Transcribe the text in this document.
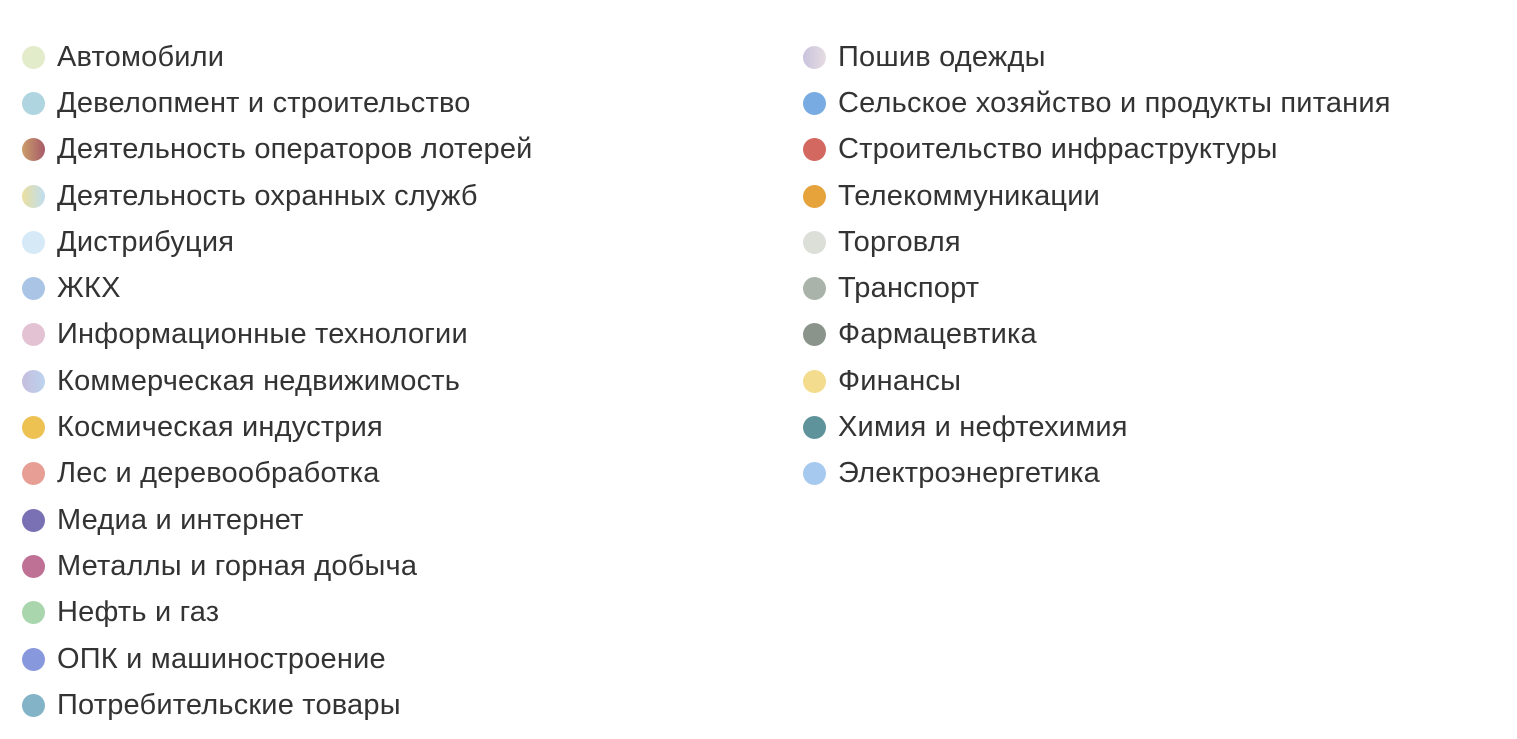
Автомобили
Девелопмент и строительство
Деятельность операторов лотерей
Деятельность охранных служб
Дистрибуция
ЖКХ
Информационные технологии
Коммерческая недвижимость
Космическая индустрия
Лес и деревообработка
Медиа и интернет
Металлы и горная добыча
Нефть и газ
ОПК и машиностроение
Потребительские товары
Пошив одежды
Сельское хозяйство и продукты питания
Строительство инфраструктуры
Телекоммуникации
Торговля
Транспорт
Фармацевтика
Финансы
Химия и нефтехимия
Электроэнергетика
